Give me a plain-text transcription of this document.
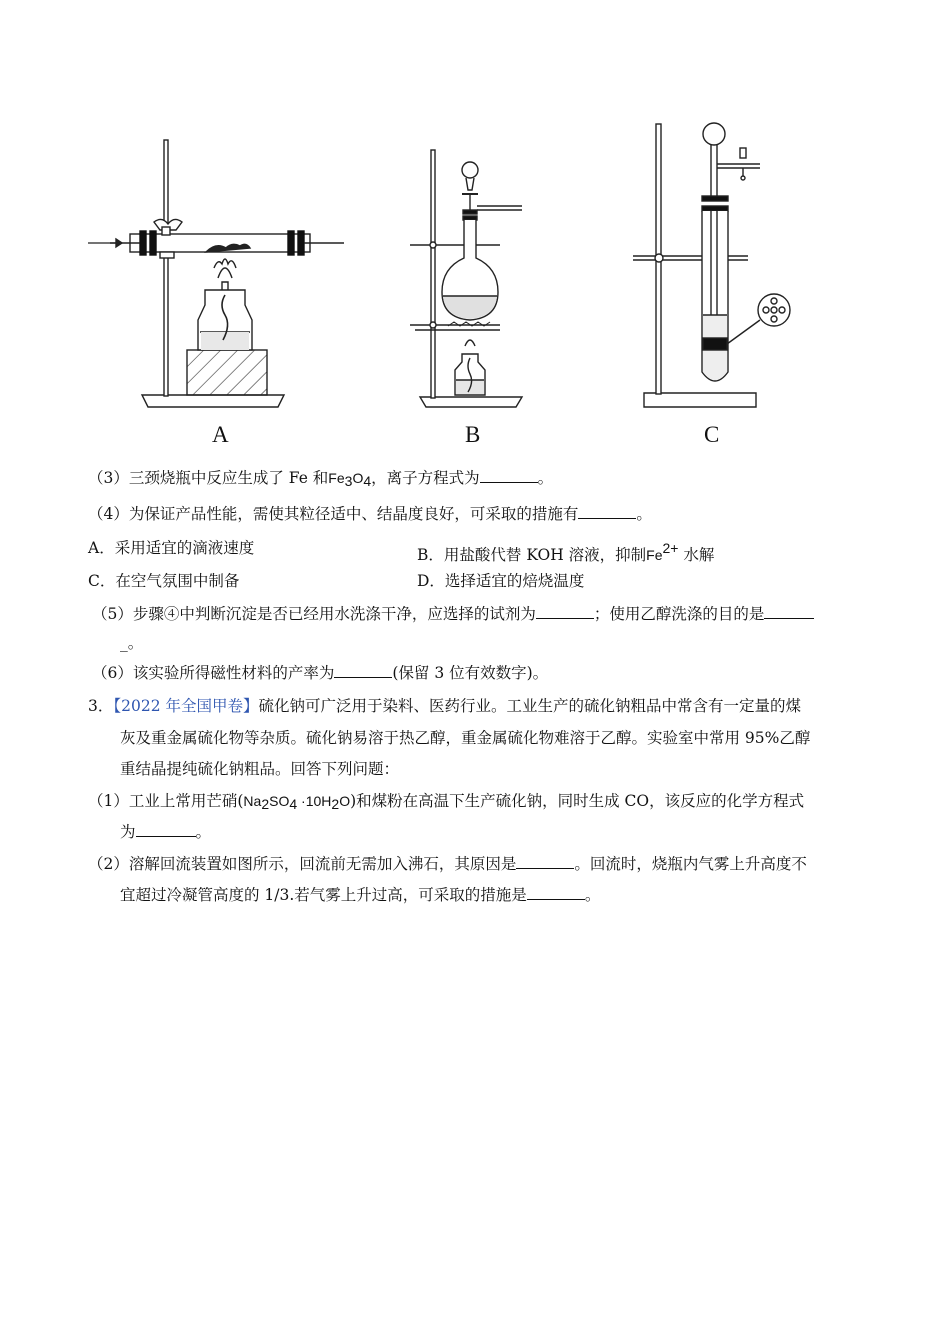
A	B	C
（3）三颈烧瓶中反应生成了 Fe 和Fe3O4，离子方程式为	。
（4）为保证产品性能，需使其粒径适中、结晶度良好，可采取的措施有	。
A．采用适宜的滴液速度	B．用盐酸代替 KOH 溶液，抑制Fe2+ 水解
C．在空气氛围中制备	D．选择适宜的焙烧温度
（5）步骤④中判断沉淀是否已经用水洗涤干净，应选择的试剂为	；使用乙醇洗涤的目的是
_。
（6）该实验所得磁性材料的产率为	(保留 3 位有效数字)。
3．【2022 年全国甲卷】硫化钠可广泛用于染料、医药行业。工业生产的硫化钠粗品中常含有一定量的煤
灰及重金属硫化物等杂质。硫化钠易溶于热乙醇，重金属硫化物难溶于乙醇。实验室中常用 95%乙醇
重结晶提纯硫化钠粗品。回答下列问题：
（1）工业上常用芒硝(Na2SO4 ·10H2O)和煤粉在高温下生产硫化钠，同时生成 CO，该反应的化学方程式
为	。
（2）溶解回流装置如图所示，回流前无需加入沸石，其原因是	。回流时，烧瓶内气雾上升高度不
宜超过冷凝管高度的 1/3.若气雾上升过高，可采取的措施是	。
